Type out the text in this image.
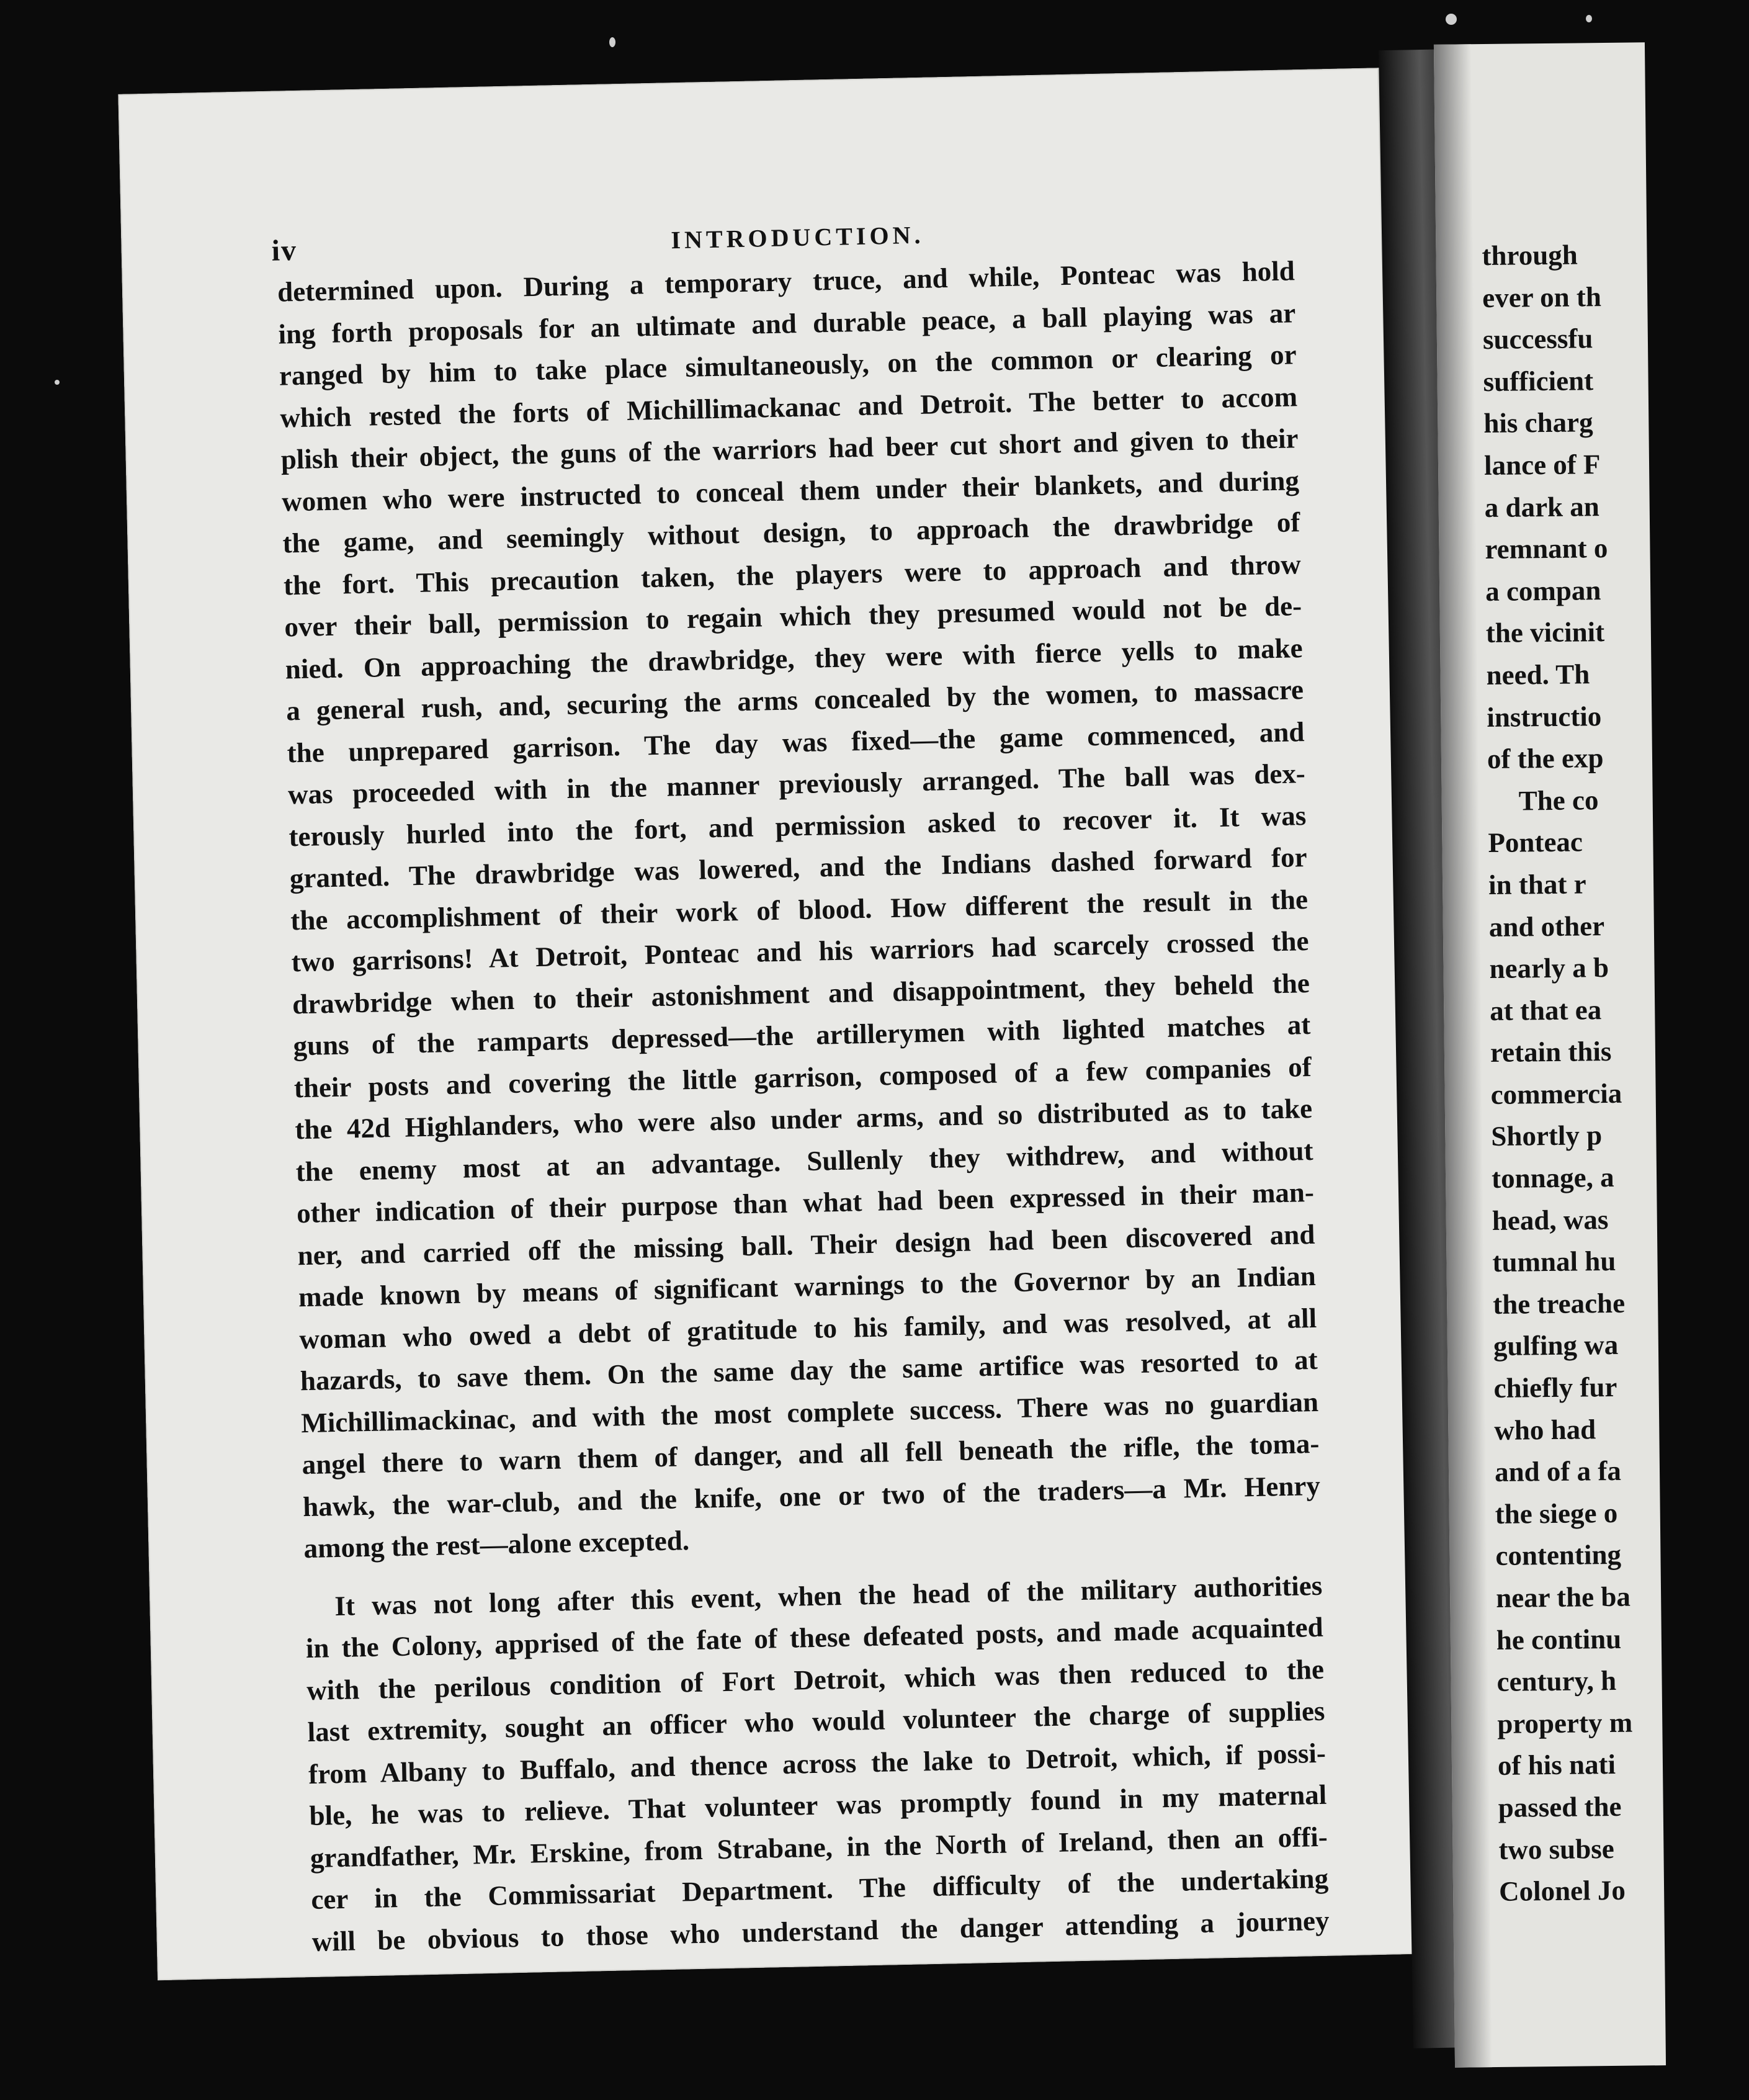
iv	INTRODUCTION.
determined upon. During a temporary truce, and while, Ponteac was hold
ing forth proposals for an ultimate and durable peace, a ball playing was ar
ranged by him to take place simultaneously, on the common or clearing or
which rested the forts of Michillimackanac and Detroit. The better to accom
plish their object, the guns of the warriors had beer cut short and given to their
women who were instructed to conceal them under their blankets, and during
the game, and seemingly without design, to approach the drawbridge of
the fort. This precaution taken, the players were to approach and throw
over their ball, permission to regain which they presumed would not be de-
nied. On approaching the drawbridge, they were with fierce yells to make
a general rush, and, securing the arms concealed by the women, to massacre
the unprepared garrison. The day was fixed—the game commenced, and
was proceeded with in the manner previously arranged. The ball was dex-
terously hurled into the fort, and permission asked to recover it. It was
granted. The drawbridge was lowered, and the Indians dashed forward for
the accomplishment of their work of blood. How different the result in the
two garrisons! At Detroit, Ponteac and his warriors had scarcely crossed the
drawbridge when to their astonishment and disappointment, they beheld the
guns of the ramparts depressed—the artillerymen with lighted matches at
their posts and covering the little garrison, composed of a few companies of
the 42d Highlanders, who were also under arms, and so distributed as to take
the enemy most at an advantage. Sullenly they withdrew, and without
other indication of their purpose than what had been expressed in their man-
ner, and carried off the missing ball. Their design had been discovered and
made known by means of significant warnings to the Governor by an Indian
woman who owed a debt of gratitude to his family, and was resolved, at all
hazards, to save them. On the same day the same artifice was resorted to at
Michillimackinac, and with the most complete success. There was no guardian
angel there to warn them of danger, and all fell beneath the rifle, the toma-
hawk, the war-club, and the knife, one or two of the traders—a Mr. Henry
among the rest—alone excepted.
It was not long after this event, when the head of the military authorities
in the Colony, apprised of the fate of these defeated posts, and made acquainted
with the perilous condition of Fort Detroit, which was then reduced to the
last extremity, sought an officer who would volunteer the charge of supplies
from Albany to Buffalo, and thence across the lake to Detroit, which, if possi-
ble, he was to relieve. That volunteer was promptly found in my maternal
grandfather, Mr. Erskine, from Strabane, in the North of Ireland, then an offi-
cer in the Commissariat Department. The difficulty of the undertaking
will be obvious to those who understand the danger attending a journey
through
ever on th
successfu
sufficient
his charg
lance of F
a dark an
remnant o
a compan
the vicinit
need. Th
instructio
of the exp
The co
Ponteac
in that r
and other
nearly a b
at that ea
retain this
commercia
Shortly p
tonnage, a
head, was
tumnal hu
the treache
gulfing wa
chiefly fur
who had
and of a fa
the siege o
contenting
near the ba
he continu
century, h
property m
of his nati
passed the
two subse
Colonel Jo
